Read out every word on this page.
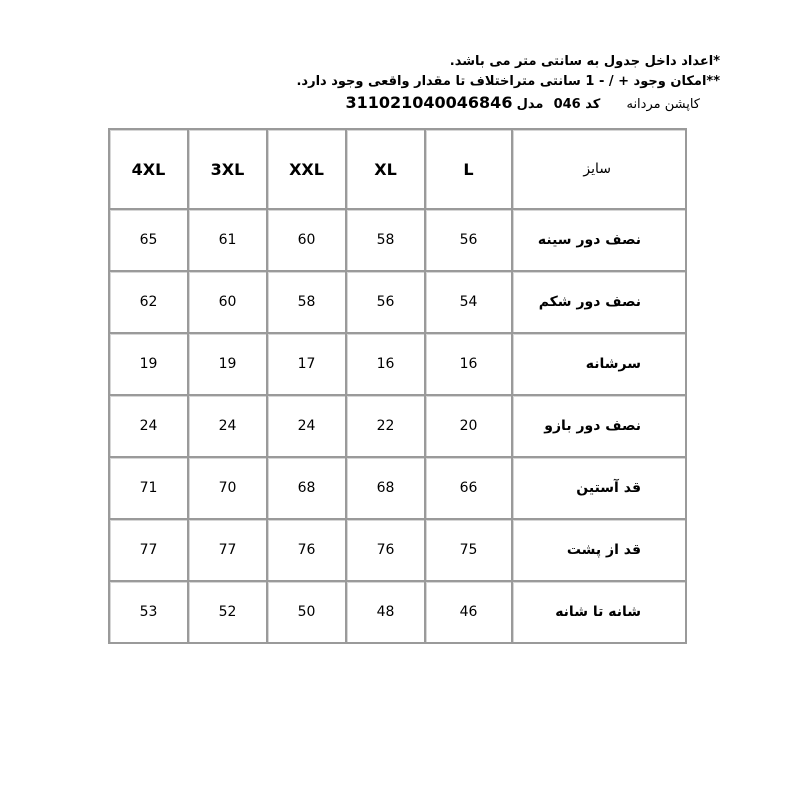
*اعداد داخل جدول به سانتی متر می باشد.
**امکان وجود + / - 1 سانتی متراختلاف تا مقدار واقعی وجود دارد.
کاپشن مردانه کد 046 مدل 311021040046846
4XL	3XL	XXL	XL	L	سایز

65	61	60	58	56	نصف دور سینه

62	60	58	56	54	نصف دور شکم

19	19	17	16	16	سرشانه

24	24	24	22	20	نصف دور بازو

71	70	68	68	66	قد آستین

77	77	76	76	75	قد از پشت

53	52	50	48	46	شانه تا شانه
